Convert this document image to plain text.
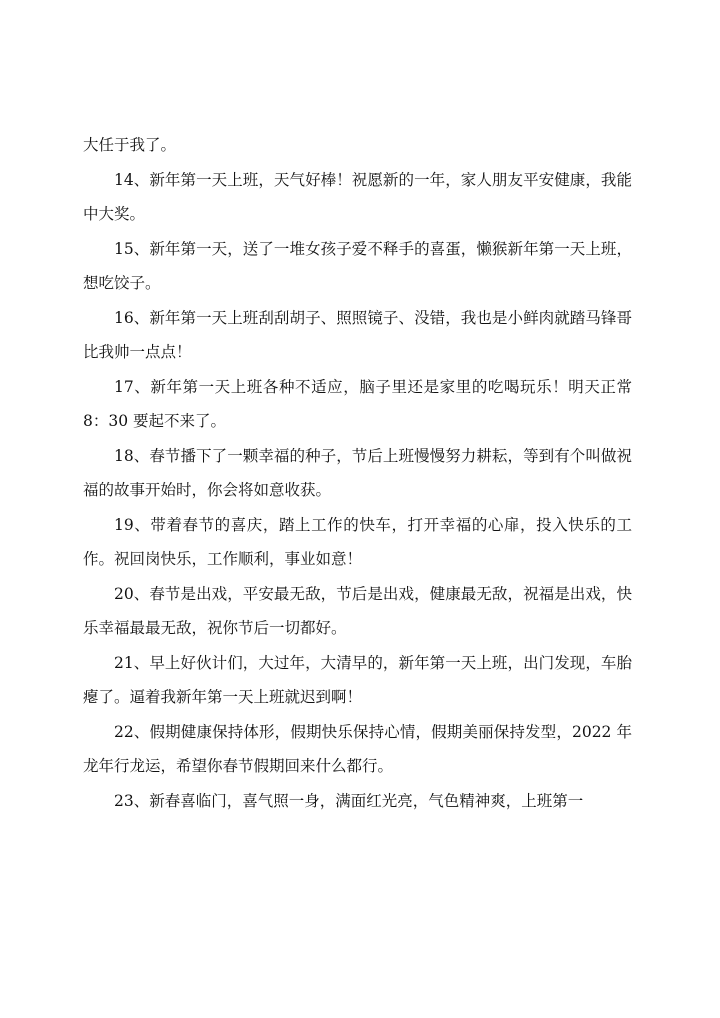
大任于我了。

14、新年第一天上班，天气好棒！祝愿新的一年，家人朋友平安健康，我能中大奖。

15、新年第一天，送了一堆女孩子爱不释手的喜蛋，懒猴新年第一天上班，想吃饺子。

16、新年第一天上班刮刮胡子、照照镜子、没错，我也是小鲜肉就踏马锋哥比我帅一点点！

17、新年第一天上班各种不适应，脑子里还是家里的吃喝玩乐！明天正常 8：30 要起不来了。

18、春节播下了一颗幸福的种子，节后上班慢慢努力耕耘，等到有个叫做祝福的故事开始时，你会将如意收获。

19、带着春节的喜庆，踏上工作的快车，打开幸福的心扉，投入快乐的工作。祝回岗快乐，工作顺利，事业如意！

20、春节是出戏，平安最无敌，节后是出戏，健康最无敌，祝福是出戏，快乐幸福最最无敌，祝你节后一切都好。

21、早上好伙计们，大过年，大清早的，新年第一天上班，出门发现，车胎瘪了。逼着我新年第一天上班就迟到啊！

22、假期健康保持体形，假期快乐保持心情，假期美丽保持发型，2022 年龙年行龙运，希望你春节假期回来什么都行。

23、新春喜临门，喜气照一身，满面红光亮，气色精神爽，上班第一
